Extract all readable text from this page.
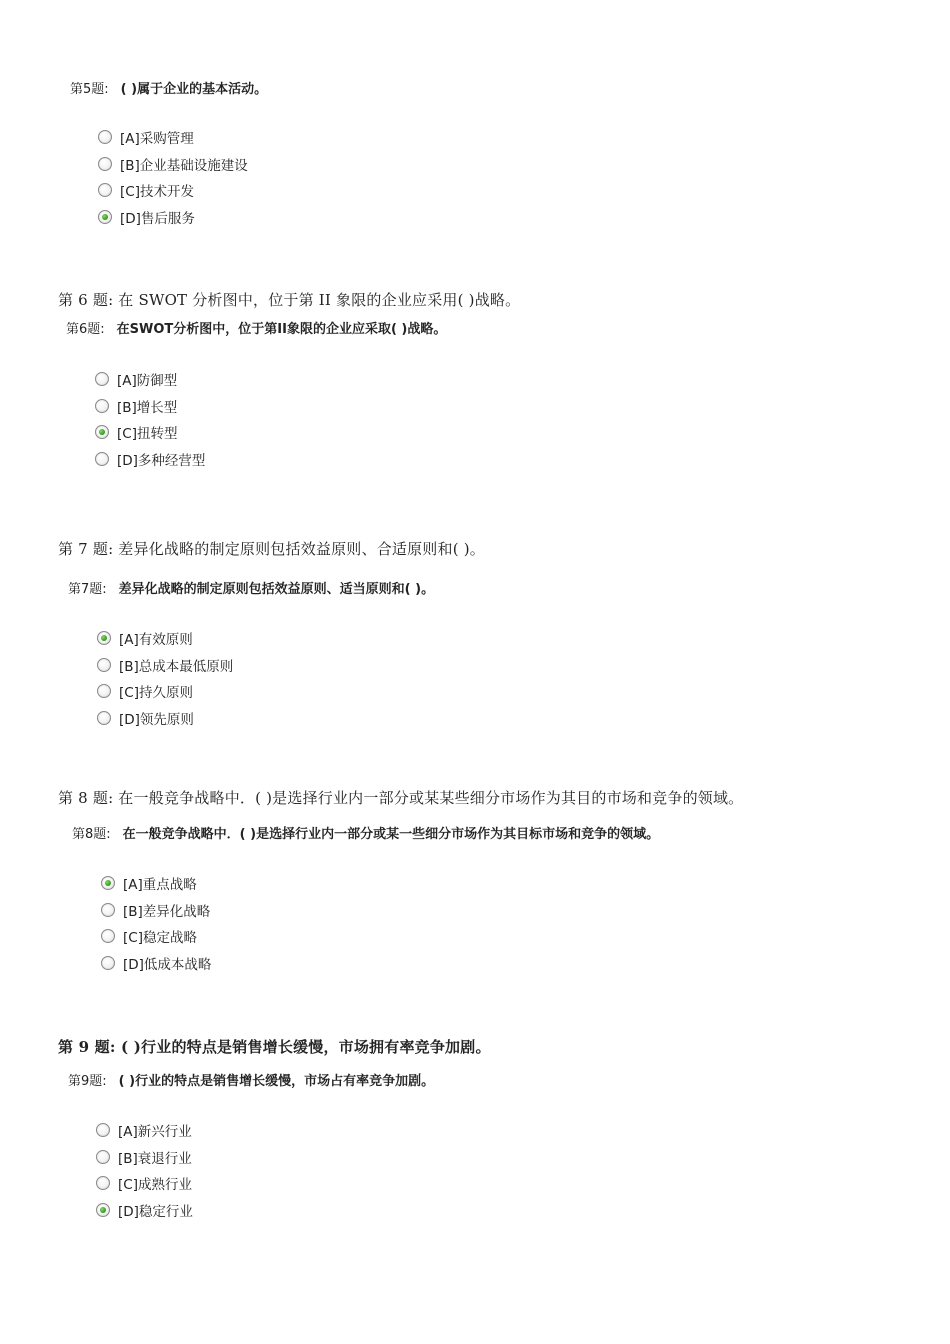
第5题: ( )属于企业的基本活动。
[A]采购管理
[B]企业基础设施建设
[C]技术开发
[D]售后服务
第 6 题: 在 SWOT 分析图中，位于第 II 象限的企业应采用( )战略。
第6题: 在SWOT分析图中，位于第II象限的企业应采取( )战略。
[A]防御型
[B]增长型
[C]扭转型
[D]多种经营型
第 7 题: 差异化战略的制定原则包括效益原则、合适原则和( )。
第7题: 差异化战略的制定原则包括效益原则、适当原则和( )。
[A]有效原则
[B]总成本最低原则
[C]持久原则
[D]领先原则
第 8 题: 在一般竞争战略中．( )是选择行业内一部分或某某些细分市场作为其目的市场和竞争的领域。
第8题: 在一般竞争战略中．( )是选择行业内一部分或某一些细分市场作为其目标市场和竞争的领域。
[A]重点战略
[B]差异化战略
[C]稳定战略
[D]低成本战略
第 9 题: ( )行业的特点是销售增长缓慢，市场拥有率竞争加剧。
第9题: ( )行业的特点是销售增长缓慢，市场占有率竞争加剧。
[A]新兴行业
[B]衰退行业
[C]成熟行业
[D]稳定行业
